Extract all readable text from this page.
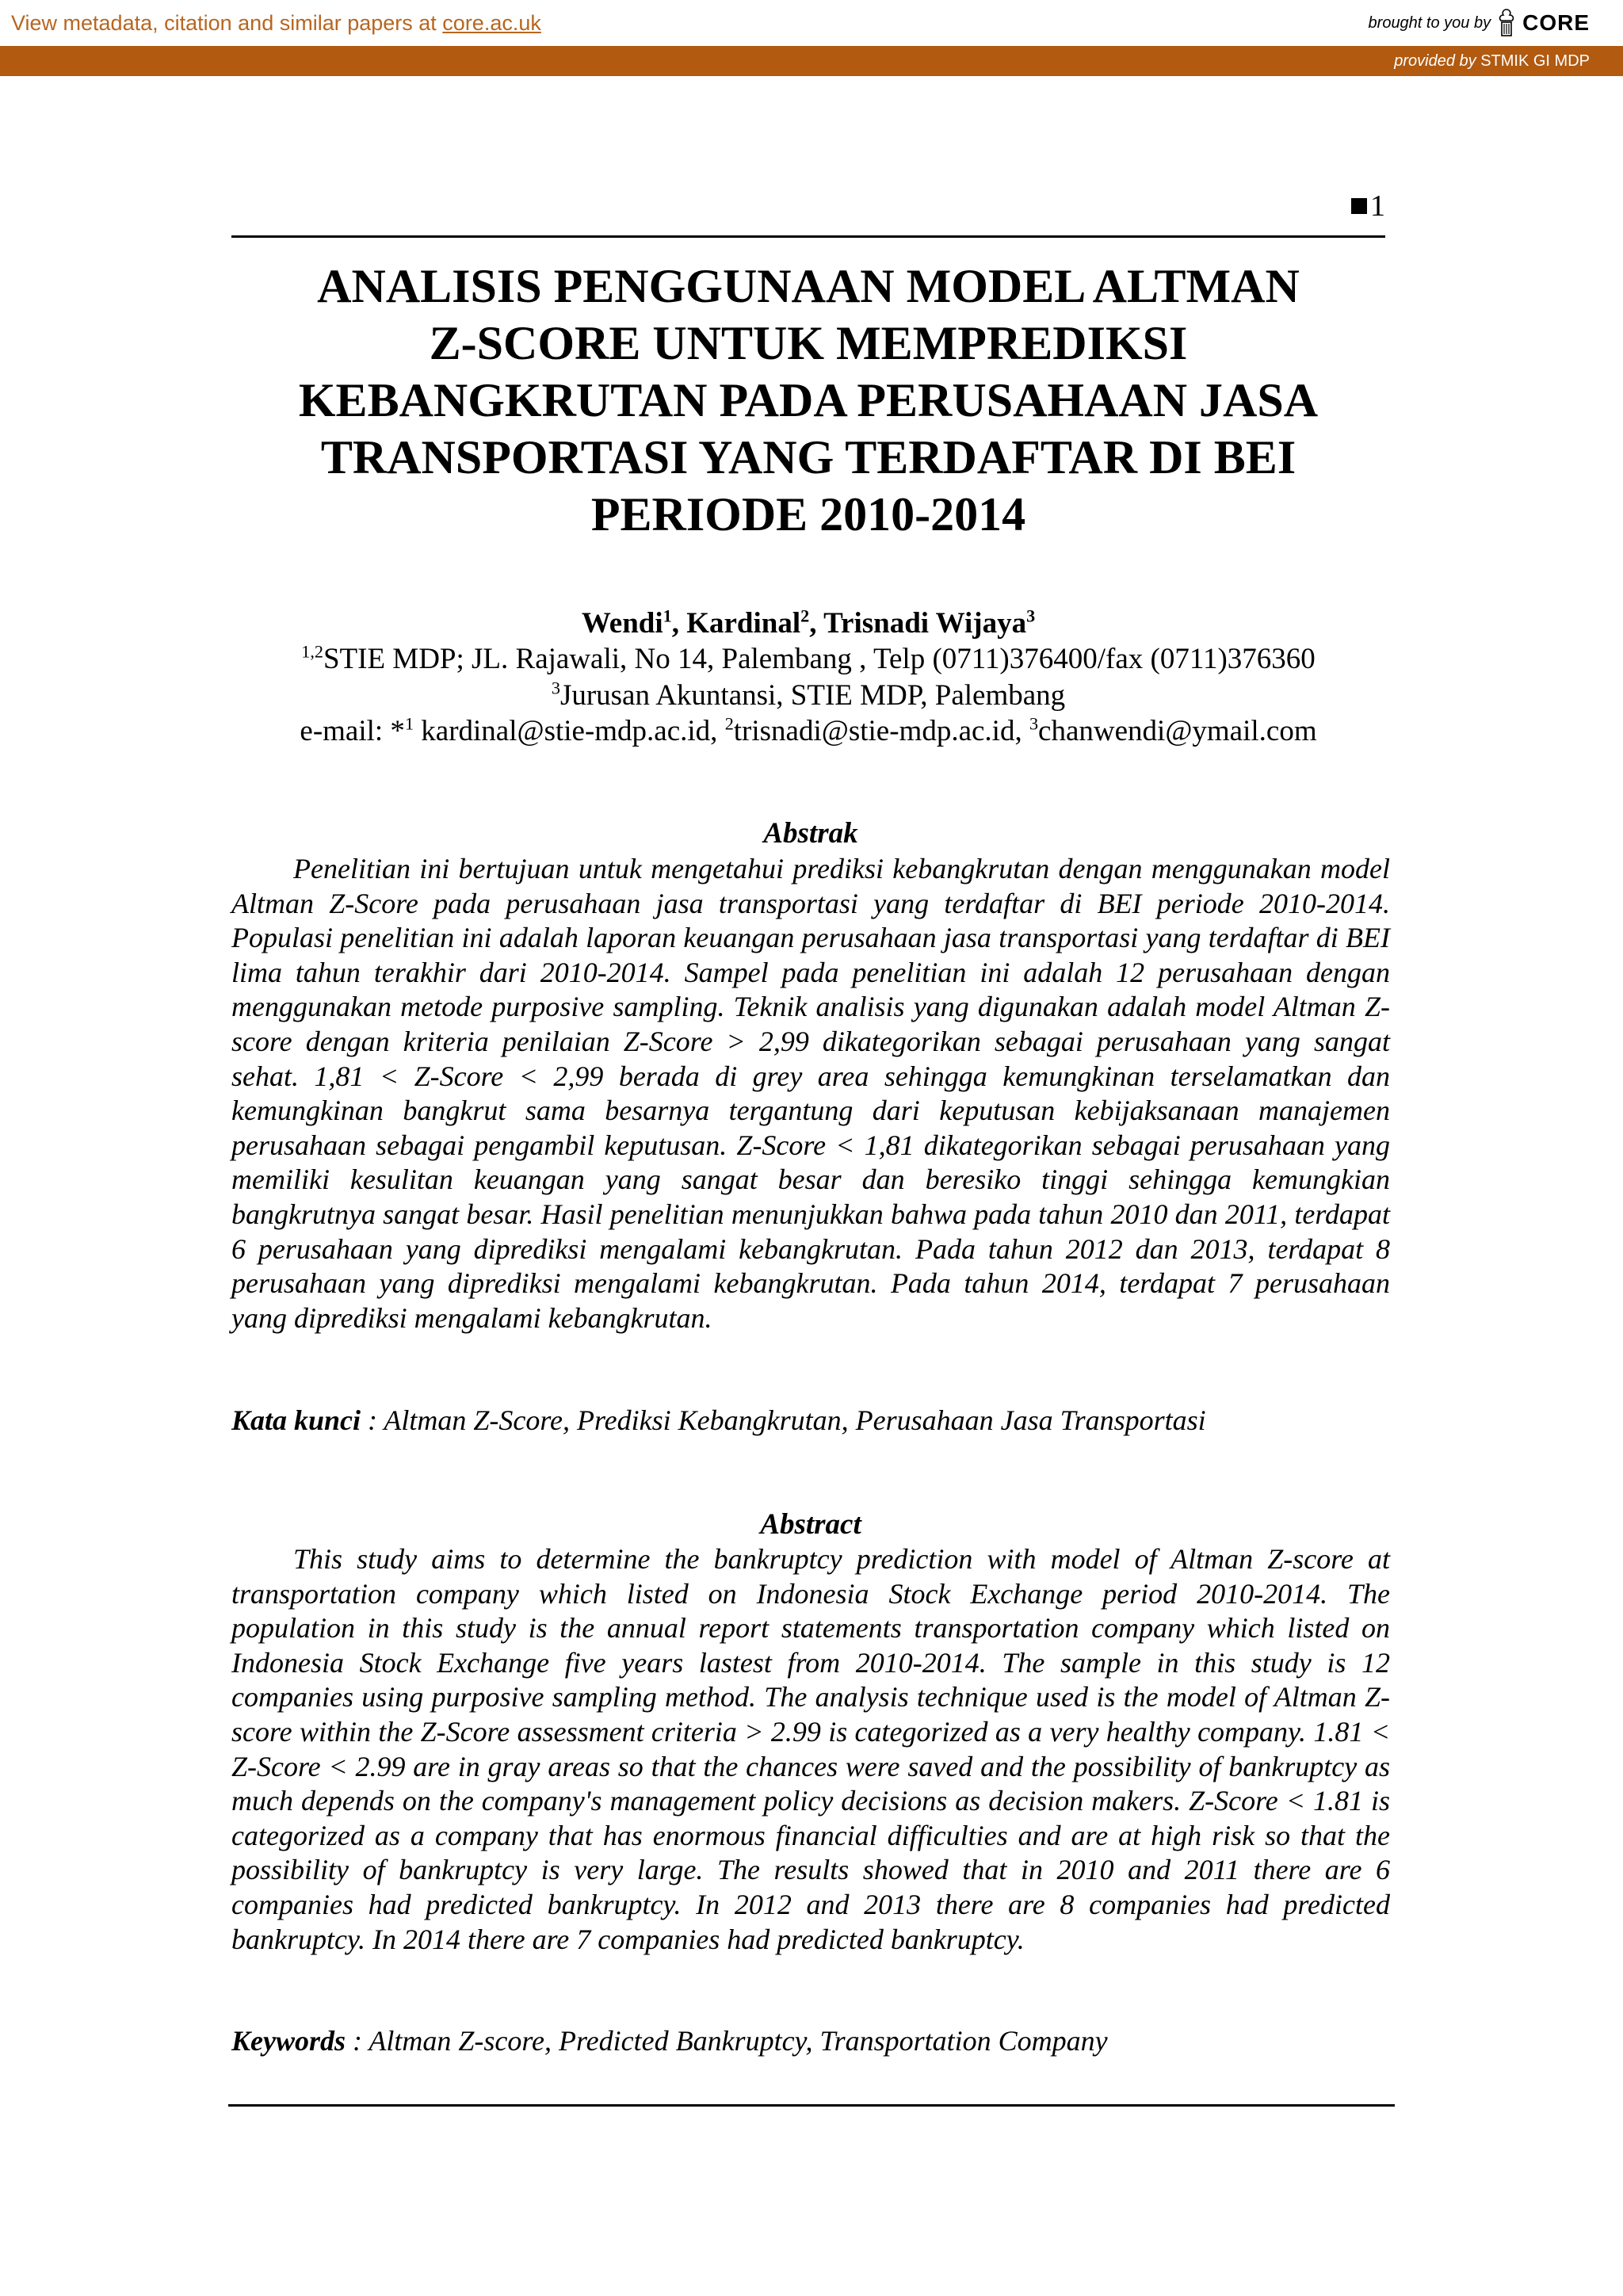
View metadata, citation and similar papers at core.ac.uk	brought to you by CORE
provided by STMIK GI MDP
1
ANALISIS PENGGUNAAN MODEL ALTMAN
Z-SCORE UNTUK MEMPREDIKSI
KEBANGKRUTAN PADA PERUSAHAAN JASA
TRANSPORTASI YANG TERDAFTAR DI BEI
PERIODE 2010-2014
Wendi$^1$, Kardinal$^2$, Trisnadi Wijaya$^3$
$^{1,2}$STIE MDP; JL. Rajawali, No 14, Palembang , Telp (0711)376400/fax (0711)376360
$^3$Jurusan Akuntansi, STIE MDP, Palembang
e-mail: *$^1$ kardinal@stie-mdp.ac.id, $^2$trisnadi@stie-mdp.ac.id, $^3$chanwendi@ymail.com
Abstrak

Penelitian ini bertujuan untuk mengetahui prediksi kebangkrutan dengan menggunakan model Altman Z-Score pada perusahaan jasa transportasi yang terdaftar di BEI periode 2010-2014. Populasi penelitian ini adalah laporan keuangan perusahaan jasa transportasi yang terdaftar di BEI lima tahun terakhir dari 2010-2014. Sampel pada penelitian ini adalah 12 perusahaan dengan menggunakan metode purposive sampling. Teknik analisis yang digunakan adalah model Altman Z-score dengan kriteria penilaian Z-Score > 2,99 dikategorikan sebagai perusahaan yang sangat sehat. 1,81 < Z-Score < 2,99 berada di grey area sehingga kemungkinan terselamatkan dan kemungkinan bangkrut sama besarnya tergantung dari keputusan kebijaksanaan manajemen perusahaan sebagai pengambil keputusan. Z-Score < 1,81 dikategorikan sebagai perusahaan yang memiliki kesulitan keuangan yang sangat besar dan beresiko tinggi sehingga kemungkian bangkrutnya sangat besar. Hasil penelitian menunjukkan bahwa pada tahun 2010 dan 2011, terdapat 6 perusahaan yang diprediksi mengalami kebangkrutan. Pada tahun 2012 dan 2013, terdapat 8 perusahaan yang diprediksi mengalami kebangkrutan. Pada tahun 2014, terdapat 7 perusahaan yang diprediksi mengalami kebangkrutan.

Kata kunci : Altman Z-Score, Prediksi Kebangkrutan, Perusahaan Jasa Transportasi
Abstract

This study aims to determine the bankruptcy prediction with model of Altman Z-score at transportation company which listed on Indonesia Stock Exchange period 2010-2014. The population in this study is the annual report statements transportation company which listed on Indonesia Stock Exchange five years lastest from 2010-2014. The sample in this study is 12 companies using purposive sampling method. The analysis technique used is the model of Altman Z-score within the Z-Score assessment criteria > 2.99 is categorized as a very healthy company. 1.81 < Z-Score < 2.99 are in gray areas so that the chances were saved and the possibility of bankruptcy as much depends on the company's management policy decisions as decision makers. Z-Score < 1.81 is categorized as a company that has enormous financial difficulties and are at high risk so that the possibility of bankruptcy is very large. The results showed that in 2010 and 2011 there are 6 companies had predicted bankruptcy. In 2012 and 2013 there are 8 companies had predicted bankruptcy. In 2014 there are 7 companies had predicted bankruptcy.

Keywords : Altman Z-score, Predicted Bankruptcy, Transportation Company
